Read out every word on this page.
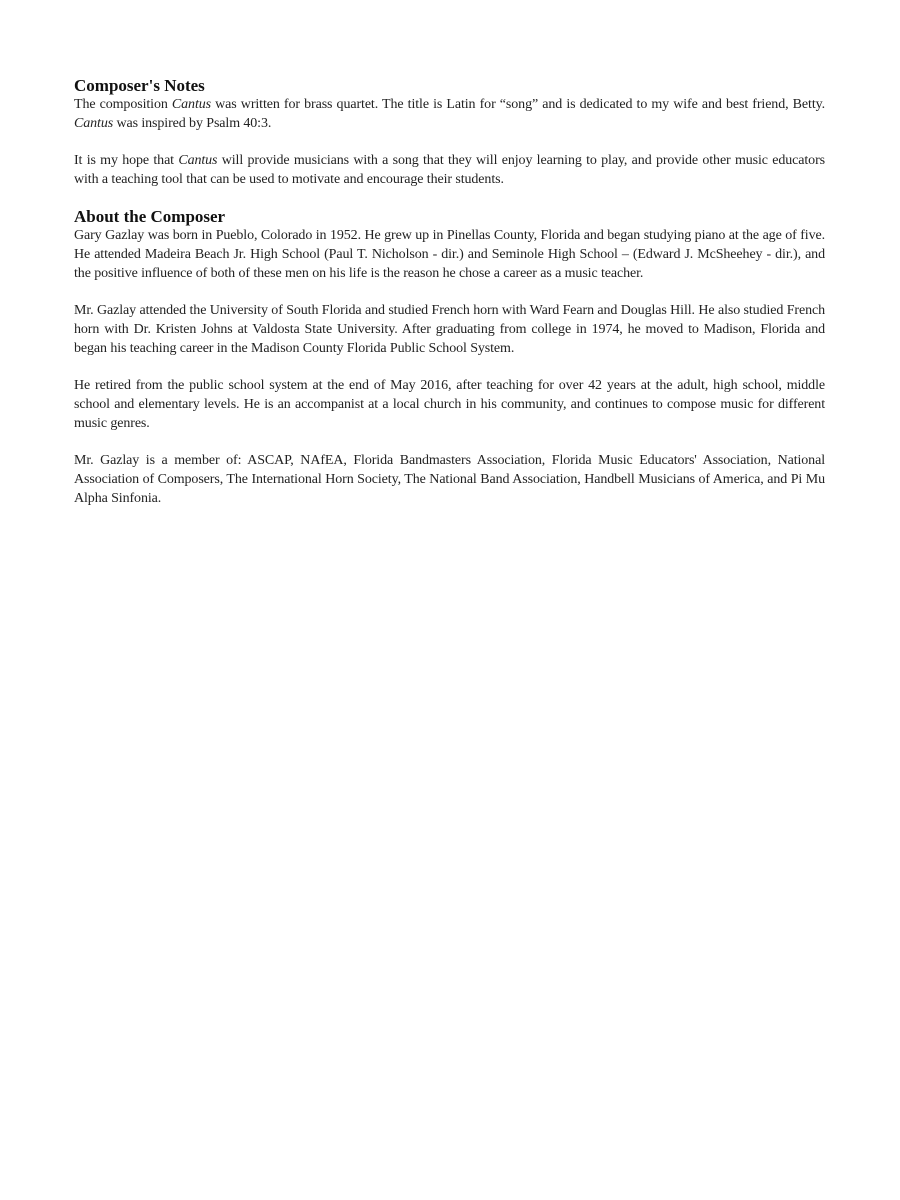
Composer's Notes

The composition Cantus was written for brass quartet. The title is Latin for “song” and is dedicated to my wife and best friend, Betty. Cantus was inspired by Psalm 40:3.

It is my hope that Cantus will provide musicians with a song that they will enjoy learning to play, and provide other music educators with a teaching tool that can be used to motivate and encourage their students.

About the Composer

Gary Gazlay was born in Pueblo, Colorado in 1952. He grew up in Pinellas County, Florida and began studying piano at the age of five. He attended Madeira Beach Jr. High School (Paul T. Nicholson - dir.) and Seminole High School – (Edward J. McSheehey - dir.), and the positive influence of both of these men on his life is the reason he chose a career as a music teacher.

Mr. Gazlay attended the University of South Florida and studied French horn with Ward Fearn and Douglas Hill. He also studied French horn with Dr. Kristen Johns at Valdosta State University. After graduating from college in 1974, he moved to Madison, Florida and began his teaching career in the Madison County Florida Public School System.

He retired from the public school system at the end of May 2016, after teaching for over 42 years at the adult, high school, middle school and elementary levels. He is an accompanist at a local church in his community, and continues to compose music for different music genres.

Mr. Gazlay is a member of: ASCAP, NAfEA, Florida Bandmasters Association, Florida Music Educators' Association, National Association of Composers, The International Horn Society, The National Band Association, Handbell Musicians of America, and Pi Mu Alpha Sinfonia.
